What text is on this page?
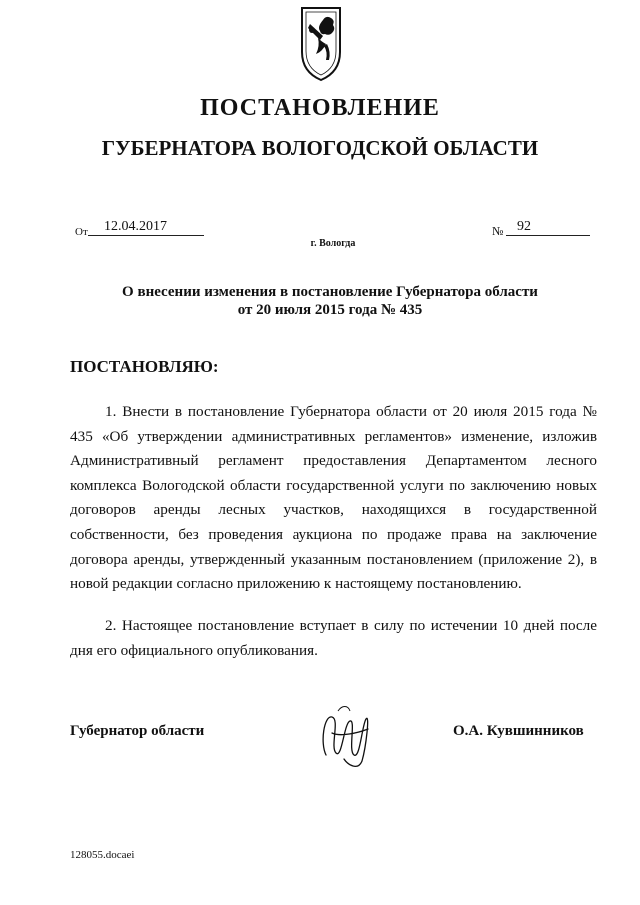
ПОСТАНОВЛЕНИЕ
ГУБЕРНАТОРА ВОЛОГОДСКОЙ ОБЛАСТИ
От	12.04.2017	№ 92
г. Вологда
О внесении изменения в постановление Губернатора области
от 20 июля 2015 года № 435
ПОСТАНОВЛЯЮ:
1. Внести в постановление Губернатора области от 20 июля 2015 года № 435 «Об утверждении административных регламентов» изменение, изложив Административный регламент предоставления Департаментом лесного комплекса Вологодской области государственной услуги по заключению новых договоров аренды лесных участков, находящихся в государственной собственности, без проведения аукциона по продаже права на заключение договора аренды, утвержденный указанным постановлением (приложение 2), в новой редакции согласно приложению к настоящему постановлению.
2. Настоящее постановление вступает в силу по истечении 10 дней после дня его официального опубликования.
Губернатор области	О.А. Кувшинников
128055.docaei
